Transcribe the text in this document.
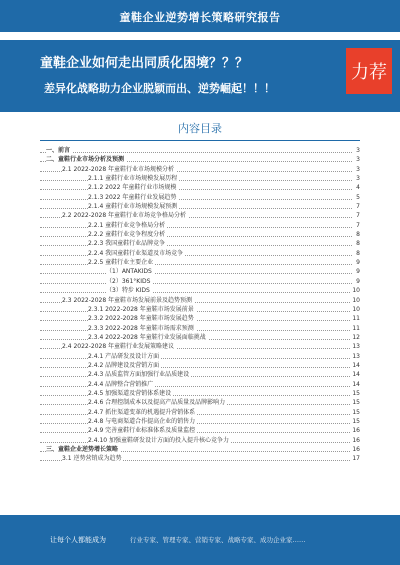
童鞋企业逆势增长策略研究报告
童鞋企业如何走出同质化困境？？？
差异化战略助力企业脱颖而出、逆势崛起！！！
力荐
内容目录
一、前言	3
二、童鞋行业市场分析及预测	3
2.1 2022-2028 年童鞋行业市场规模分析	3
2.1.1 童鞋行业市场规模发展历程	3
2.1.2 2022 年童鞋行业市场规模	4
2.1.3 2022 年童鞋行业发展趋势	5
2.1.4 童鞋行业市场规模发展预测	7
2.2 2022-2028 年童鞋行业市场竞争格局分析	7
2.2.1 童鞋行业竞争格局分析	7
2.2.2 童鞋行业竞争程度分析	8
2.2.3 我国童鞋行业品牌竞争	8
2.2.4 我国童鞋行业渠道及市场竞争	8
2.2.5 童鞋行业主要企业	9
（1）ANTAKIDS	9
（2）361°KIDS	9
（3）特步 KIDS	10
2.3 2022-2028 年童鞋市场发展前景及趋势预测	10
2.3.1 2022-2028 年童鞋市场发展前景	10
2.3.2 2022-2028 年童鞋市场发展趋势	11
2.3.3 2022-2028 年童鞋市场需求预测	11
2.3.4 2022-2028 年童鞋行业发展面临挑战	12
2.4 2022-2028 年童鞋行业发展策略建议	13
2.4.1 产品研发及设计方面	13
2.4.2 品牌建设及营销方面	14
2.4.3 品质监管方面加强行业品质建设	14
2.4.4 品牌整合营销推广	14
2.4.5 加强渠道及营销体系建设	15
2.4.6 合理控制成本以及提高产品质量及品牌影响力	15
2.4.7 抓住渠道变革的机遇提升营销体系	15
2.4.8 与电商渠道合作提高企业的销售力	15
2.4.9 完善童鞋行业标准体系及质量监控	16
2.4.10 加强童鞋研发设计方面的投入提升核心竞争力	16
三、童鞋企业逆势增长策略	16
3.1 逆势营销成为趋势	17
让每个人都能成为	行业专家、管理专家、营销专家、战略专家、成功企业家……
